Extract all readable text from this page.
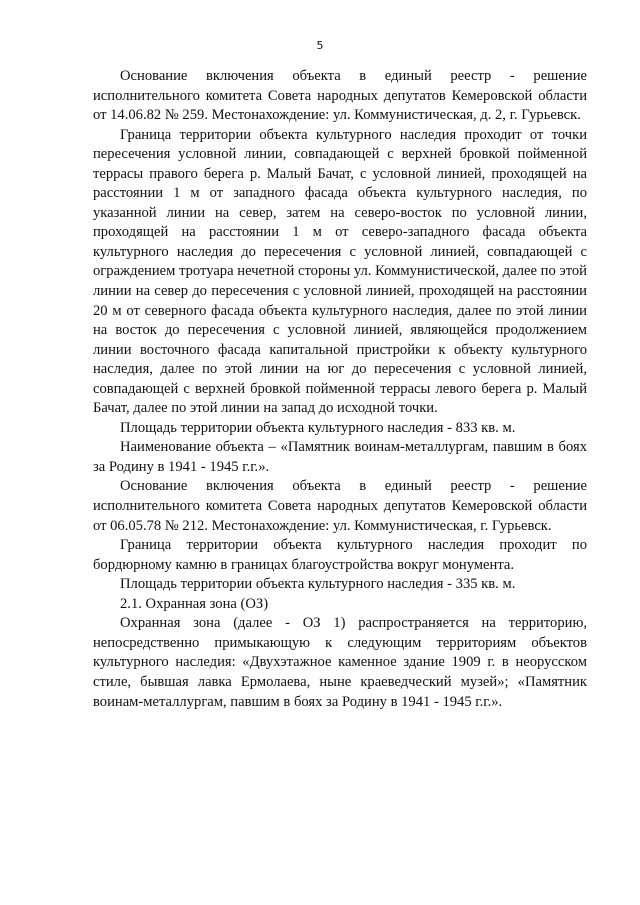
5

Основание включения объекта в единый реестр - решение исполнительного комитета Совета народных депутатов Кемеровской области от 14.06.82 № 259. Местонахождение: ул. Коммунистическая, д. 2, г. Гурьевск.

Граница территории объекта культурного наследия проходит от точки пересечения условной линии, совпадающей с верхней бровкой пойменной террасы правого берега р. Малый Бачат, с условной линией, проходящей на расстоянии 1 м от западного фасада объекта культурного наследия, по указанной линии на север, затем на северо-восток по условной линии, проходящей на расстоянии 1 м от северо-западного фасада объекта культурного наследия до пересечения с условной линией, совпадающей с ограждением тротуара нечетной стороны ул. Коммунистической, далее по этой линии на север до пересечения с условной линией, проходящей на расстоянии 20 м от северного фасада объекта культурного наследия, далее по этой линии на восток до пересечения с условной линией, являющейся продолжением линии восточного фасада капитальной пристройки к объекту культурного наследия, далее по этой линии на юг до пересечения с условной линией, совпадающей с верхней бровкой пойменной террасы левого берега р. Малый Бачат, далее по этой линии на запад до исходной точки.

Площадь территории объекта культурного наследия - 833 кв. м.

Наименование объекта – «Памятник воинам-металлургам, павшим в боях за Родину в 1941 - 1945 г.г.».

Основание включения объекта в единый реестр - решение исполнительного комитета Совета народных депутатов Кемеровской области от 06.05.78 № 212. Местонахождение: ул. Коммунистическая, г. Гурьевск.

Граница территории объекта культурного наследия проходит по бордюрному камню в границах благоустройства вокруг монумента.

Площадь территории объекта культурного наследия - 335 кв. м.

2.1. Охранная зона (ОЗ)

Охранная зона (далее - ОЗ 1) распространяется на территорию, непосредственно примыкающую к следующим территориям объектов культурного наследия: «Двухэтажное каменное здание 1909 г. в неорусском стиле, бывшая лавка Ермолаева, ныне краеведческий музей»; «Памятник воинам-металлургам, павшим в боях за Родину в 1941 - 1945 г.г.».
